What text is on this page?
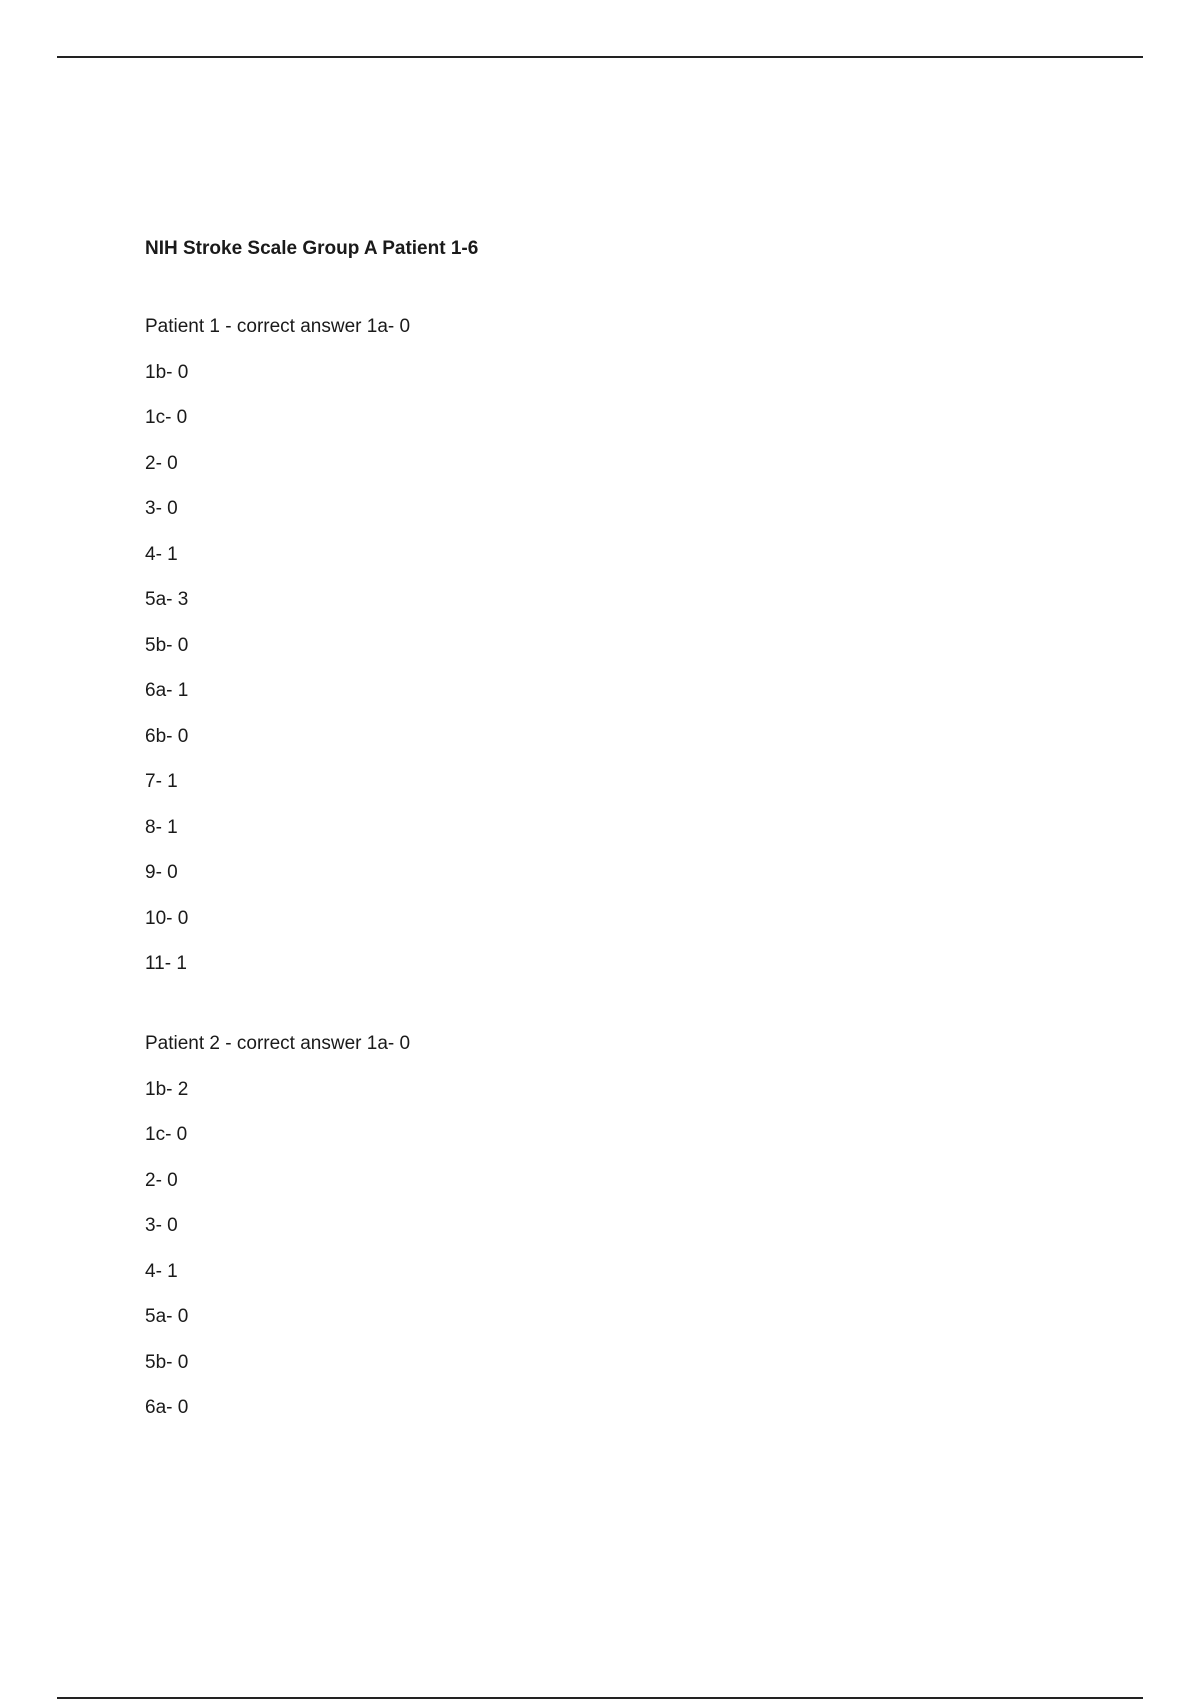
NIH Stroke Scale Group A Patient 1-6

Patient 1 - correct answer 1a- 0

1b- 0
1c- 0
2- 0
3- 0
4- 1
5a- 3
5b- 0
6a- 1
6b- 0
7- 1
8- 1
9- 0
10- 0
11- 1

Patient 2 - correct answer 1a- 0

1b- 2
1c- 0
2- 0
3- 0
4- 1
5a- 0
5b- 0
6a- 0
